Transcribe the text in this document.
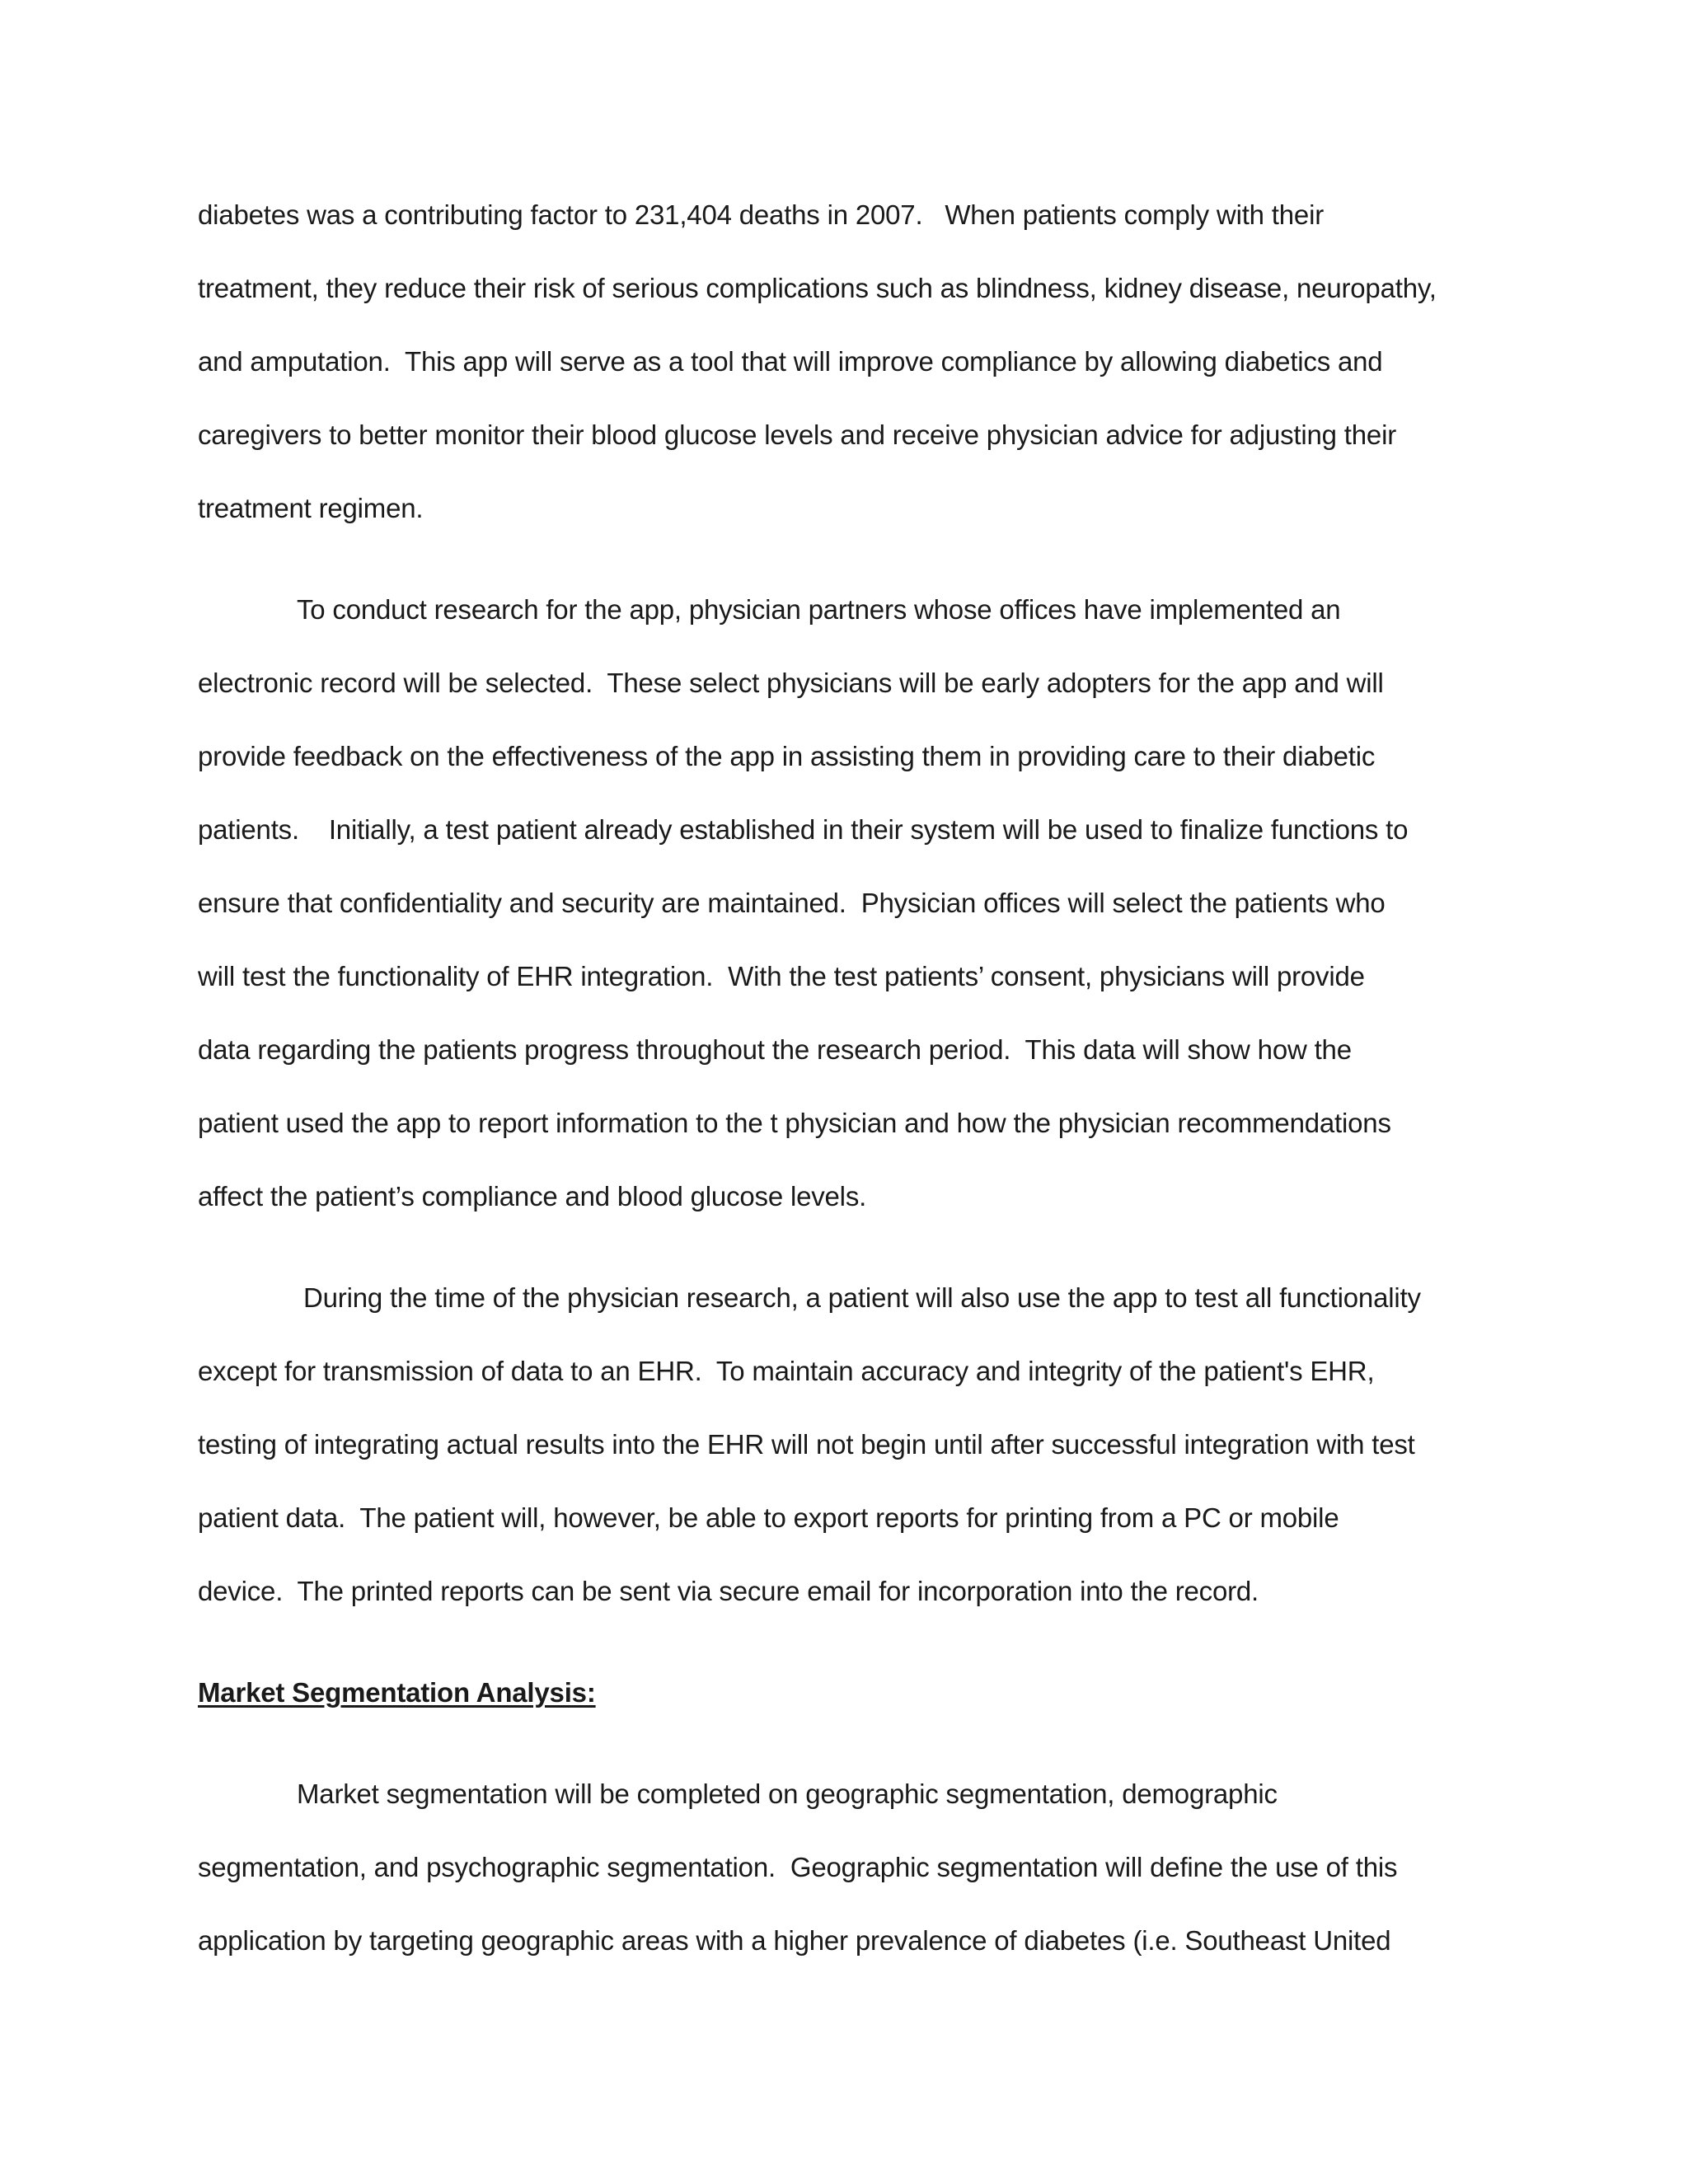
diabetes was a contributing factor to 231,404 deaths in 2007.   When patients comply with their
treatment, they reduce their risk of serious complications such as blindness, kidney disease, neuropathy,
and amputation.  This app will serve as a tool that will improve compliance by allowing diabetics and
caregivers to better monitor their blood glucose levels and receive physician advice for adjusting their
treatment regimen.
To conduct research for the app, physician partners whose offices have implemented an
electronic record will be selected.  These select physicians will be early adopters for the app and will
provide feedback on the effectiveness of the app in assisting them in providing care to their diabetic
patients.    Initially, a test patient already established in their system will be used to finalize functions to
ensure that confidentiality and security are maintained.  Physician offices will select the patients who
will test the functionality of EHR integration.  With the test patients’ consent, physicians will provide
data regarding the patients progress throughout the research period.  This data will show how the
patient used the app to report information to the t physician and how the physician recommendations
affect the patient’s compliance and blood glucose levels.
During the time of the physician research, a patient will also use the app to test all functionality
except for transmission of data to an EHR.  To maintain accuracy and integrity of the patient's EHR,
testing of integrating actual results into the EHR will not begin until after successful integration with test
patient data.  The patient will, however, be able to export reports for printing from a PC or mobile
device.  The printed reports can be sent via secure email for incorporation into the record.
Market Segmentation Analysis:
Market segmentation will be completed on geographic segmentation, demographic
segmentation, and psychographic segmentation.  Geographic segmentation will define the use of this
application by targeting geographic areas with a higher prevalence of diabetes (i.e. Southeast United
